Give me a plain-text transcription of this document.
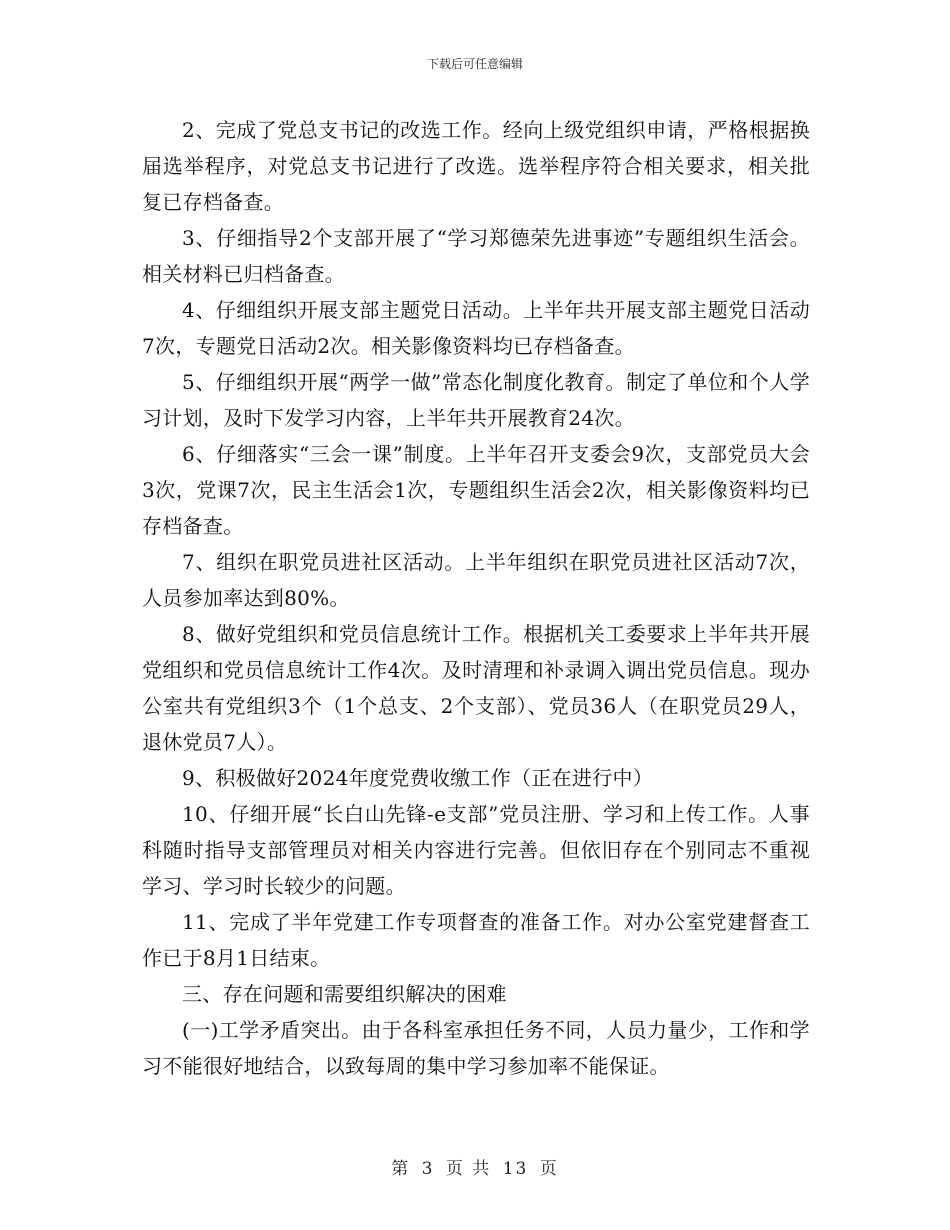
下载后可任意编辑

2、完成了党总支书记的改选工作。经向上级党组织申请，严格根据换届选举程序，对党总支书记进行了改选。选举程序符合相关要求，相关批复已存档备查。

3、仔细指导2个支部开展了“学习郑德荣先进事迹”专题组织生活会。相关材料已归档备查。

4、仔细组织开展支部主题党日活动。上半年共开展支部主题党日活动7次，专题党日活动2次。相关影像资料均已存档备查。

5、仔细组织开展“两学一做”常态化制度化教育。制定了单位和个人学习计划，及时下发学习内容，上半年共开展教育24次。

6、仔细落实“三会一课”制度。上半年召开支委会9次，支部党员大会3次，党课7次，民主生活会1次，专题组织生活会2次，相关影像资料均已存档备查。

7、组织在职党员进社区活动。上半年组织在职党员进社区活动7次，人员参加率达到80%。

8、做好党组织和党员信息统计工作。根据机关工委要求上半年共开展党组织和党员信息统计工作4次。及时清理和补录调入调出党员信息。现办公室共有党组织3个（1个总支、2个支部）、党员36人（在职党员29人，退休党员7人）。

9、积极做好2024年度党费收缴工作（正在进行中）

10、仔细开展“长白山先锋-e支部”党员注册、学习和上传工作。人事科随时指导支部管理员对相关内容进行完善。但依旧存在个别同志不重视学习、学习时长较少的问题。

11、完成了半年党建工作专项督查的准备工作。对办公室党建督查工作已于8月1日结束。

三、存在问题和需要组织解决的困难

(一)工学矛盾突出。由于各科室承担任务不同，人员力量少，工作和学习不能很好地结合，以致每周的集中学习参加率不能保证。

第 3 页 共 13 页
